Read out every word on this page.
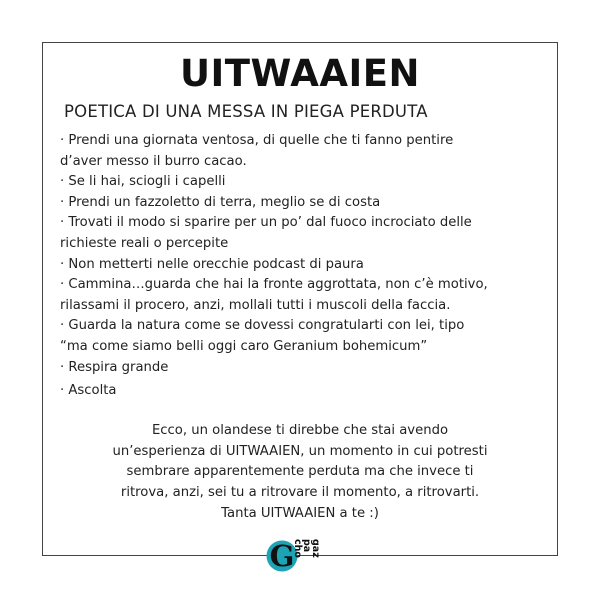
UITWAAIEN
POETICA DI UNA MESSA IN PIEGA PERDUTA
· Prendi una giornata ventosa, di quelle che ti fanno pentire
d’aver messo il burro cacao.
· Se li hai, sciogli i capelli
· Prendi un fazzoletto di terra, meglio se di costa
· Trovati il modo si sparire per un po’ dal fuoco incrociato delle
richieste reali o percepite
· Non metterti nelle orecchie podcast di paura
· Cammina…guarda che hai la fronte aggrottata, non c’è motivo,
rilassami il procero, anzi, mollali tutti i muscoli della faccia.
· Guarda la natura come se dovessi congratularti con lei, tipo
“ma come siamo belli oggi caro Geranium bohemicum”
· Respira grande
· Ascolta
Ecco, un olandese ti direbbe che stai avendo
un’esperienza di UITWAAIEN, un momento in cui potresti
sembrare apparentemente perduta ma che invece ti
ritrova, anzi, sei tu a ritrovare il momento, a ritrovarti.
Tanta UITWAAIEN a te :)
G gaz
pa
cho
